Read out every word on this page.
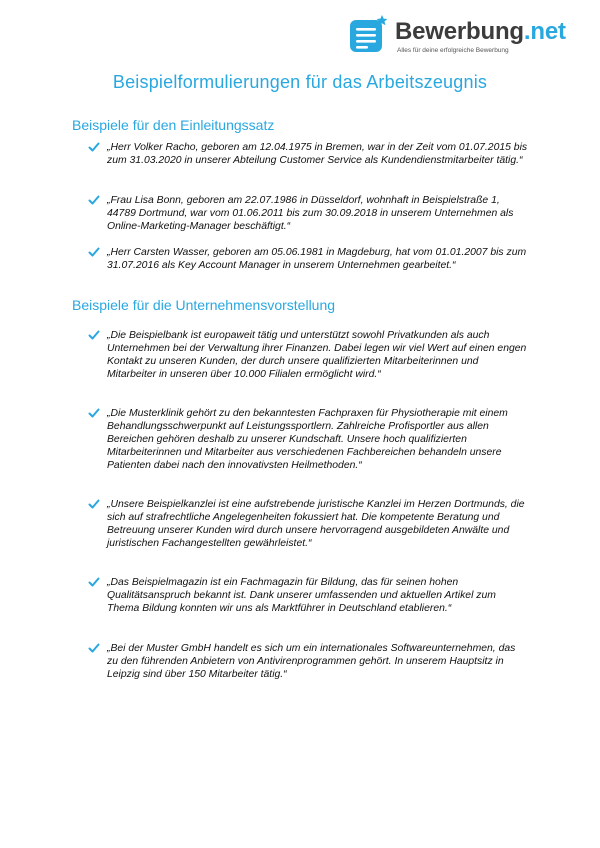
Bewerbung.net
Alles für deine erfolgreiche Bewerbung
Beispielformulierungen für das Arbeitszeugnis
Beispiele für den Einleitungssatz
„Herr Volker Racho, geboren am 12.04.1975 in Bremen, war in der Zeit vom 01.07.2015 bis zum 31.03.2020 in unserer Abteilung Customer Service als Kundendienstmitarbeiter tätig.“
„Frau Lisa Bonn, geboren am 22.07.1986 in Düsseldorf, wohnhaft in Beispielstraße 1, 44789 Dortmund, war vom 01.06.2011 bis zum 30.09.2018 in unserem Unternehmen als Online-Marketing-Manager beschäftigt.“
„Herr Carsten Wasser, geboren am 05.06.1981 in Magdeburg, hat vom 01.01.2007 bis zum 31.07.2016 als Key Account Manager in unserem Unternehmen gearbeitet.“
Beispiele für die Unternehmensvorstellung
„Die Beispielbank ist europaweit tätig und unterstützt sowohl Privatkunden als auch Unternehmen bei der Verwaltung ihrer Finanzen. Dabei legen wir viel Wert auf einen engen Kontakt zu unseren Kunden, der durch unsere qualifizierten Mitarbeiterinnen und Mitarbeiter in unseren über 10.000 Filialen ermöglicht wird.“
„Die Musterklinik gehört zu den bekanntesten Fachpraxen für Physiotherapie mit einem Behandlungsschwerpunkt auf Leistungssportlern. Zahlreiche Profisportler aus allen Bereichen gehören deshalb zu unserer Kundschaft. Unsere hoch qualifizierten Mitarbeiterinnen und Mitarbeiter aus verschiedenen Fachbereichen behandeln unsere Patienten dabei nach den innovativsten Heilmethoden.“
„Unsere Beispielkanzlei ist eine aufstrebende juristische Kanzlei im Herzen Dortmunds, die sich auf strafrechtliche Angelegenheiten fokussiert hat. Die kompetente Beratung und Betreuung unserer Kunden wird durch unsere hervorragend ausgebildeten Anwälte und juristischen Fachangestellten gewährleistet.“
„Das Beispielmagazin ist ein Fachmagazin für Bildung, das für seinen hohen Qualitätsanspruch bekannt ist. Dank unserer umfassenden und aktuellen Artikel zum Thema Bildung konnten wir uns als Marktführer in Deutschland etablieren.“
„Bei der Muster GmbH handelt es sich um ein internationales Softwareunternehmen, das zu den führenden Anbietern von Antivirenprogrammen gehört. In unserem Hauptsitz in Leipzig sind über 150 Mitarbeiter tätig.“
